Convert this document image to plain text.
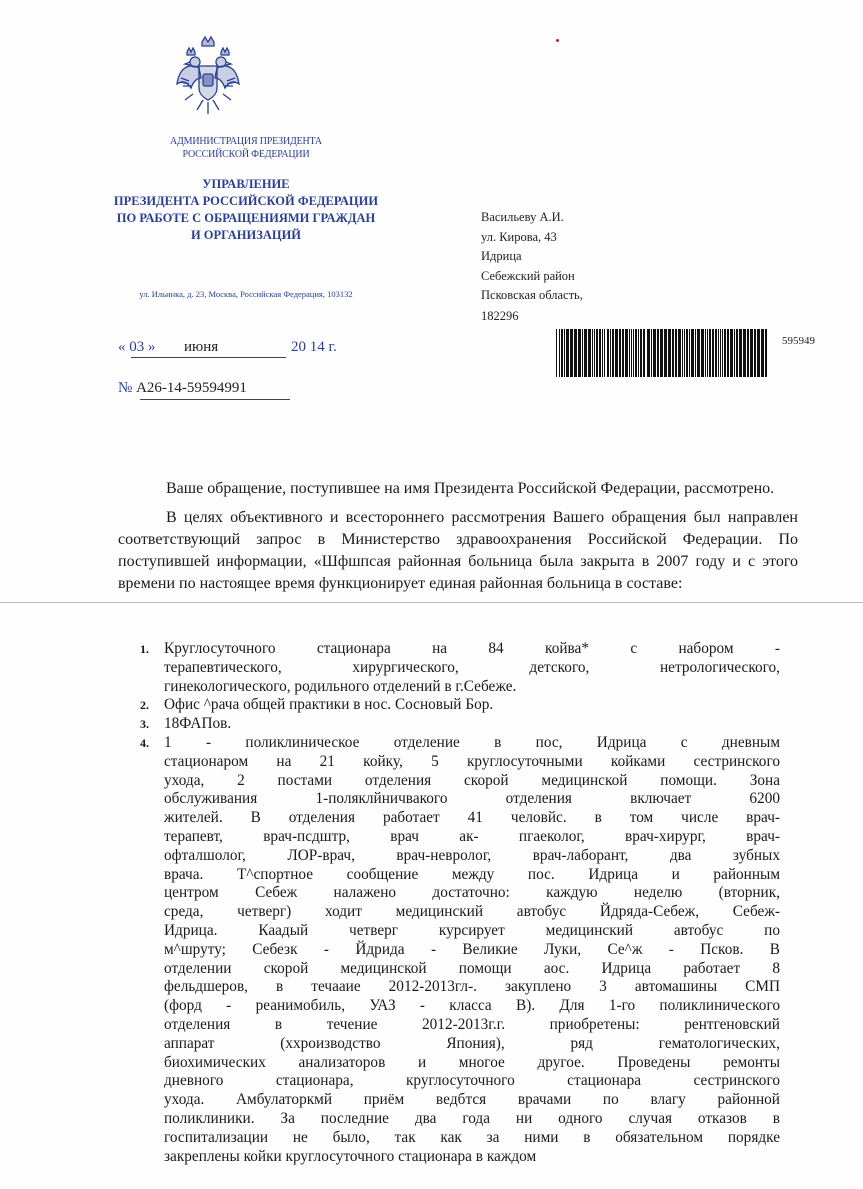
АДМИНИСТРАЦИЯ ПРЕЗИДЕНТА
РОССИЙСКОЙ ФЕДЕРАЦИИ
УПРАВЛЕНИЕ
ПРЕЗИДЕНТА РОССИЙСКОЙ ФЕДЕРАЦИИ
ПО РАБОТЕ С ОБРАЩЕНИЯМИ ГРАЖДАН
И ОРГАНИЗАЦИЙ
ул. Ильинка, д. 23, Москва, Российская Федерация, 103132
« 03 » июня	20 14 г.
№ А26-14-59594991
Васильеву А.И.
ул. Кирова, 43
Идрица
Себежский район
Псковская область,
182296
595949

Ваше обращение, поступившее на имя Президента Российской Федерации, рассмотрено.

В целях объективного и всестороннего рассмотрения Вашего обращения был направлен соответствующий запрос в Министерство здравоохранения Российской Федерации. По поступившей информации, «Шфшпсая районная больница была закрыта в 2007 году и с этого времени по настоящее время функционирует единая районная больница в составе:

1. Круглосуточного стационара на 84 койва* с набором -
терапевтического, хирургического, детского, нетрологического,
гинекологического, родильного отделений в г.Себеже.
2. Офис ^рача общей практики в нос. Сосновый Бор.
3. 18ФАПов.
4. 1 - поликлиническое отделение в пос, Идрица с дневным
стационаром на 21 койку, 5 круглосуточными койками сестринского
ухода, 2 постами отделения скорой медицинской помощи. Зона
обслуживания 1-поляклйничвакого отделения включает 6200
жителей. В отделения работает 41 человйс. в том числе врач-
терапевт, врач-псдштр, врач ак- пгаеколог, врач-хирург, врач-
офталшолог, ЛОР-врач, врач-невролог, врач-лаборант, два зубных
врача. Т^спортное сообщение между пос. Идрица и районным
центром Себеж налажено достаточно: каждую неделю (вторник,
среда, четверг) ходит медицинский автобус Йдряда-Себеж, Себеж-
Идрица. Каадый четверг курсирует медицинский автобус по
м^шруту; Себезк - Йдрида - Великие Луки, Се^ж - Псков. В
отделении скорой медицинской помощи аос. Идрица работает 8
фельдшеров, в течааие 2012-2013гл-. закуплено 3 автомашины СМП
(форд - реанимобиль, УАЗ - класса В). Для 1-го поликлинического
отделения в течение 2012-2013г.г. приобретены: рентгеновский
аппарат (ххроизводство Япония), ряд гематологических,
биохимических анализаторов и многое другое. Проведены ремонты
дневного стационара, круглосуточного стационара сестринского
ухода. Амбулаторкмй приём вeдбтся врачами по влагу районной
поликлиники. За последние два года ни одного случая отказов в
госпитализации не было, так как за ними в обязательном порядке
закреплены койки круглосуточного стационара в каждом
